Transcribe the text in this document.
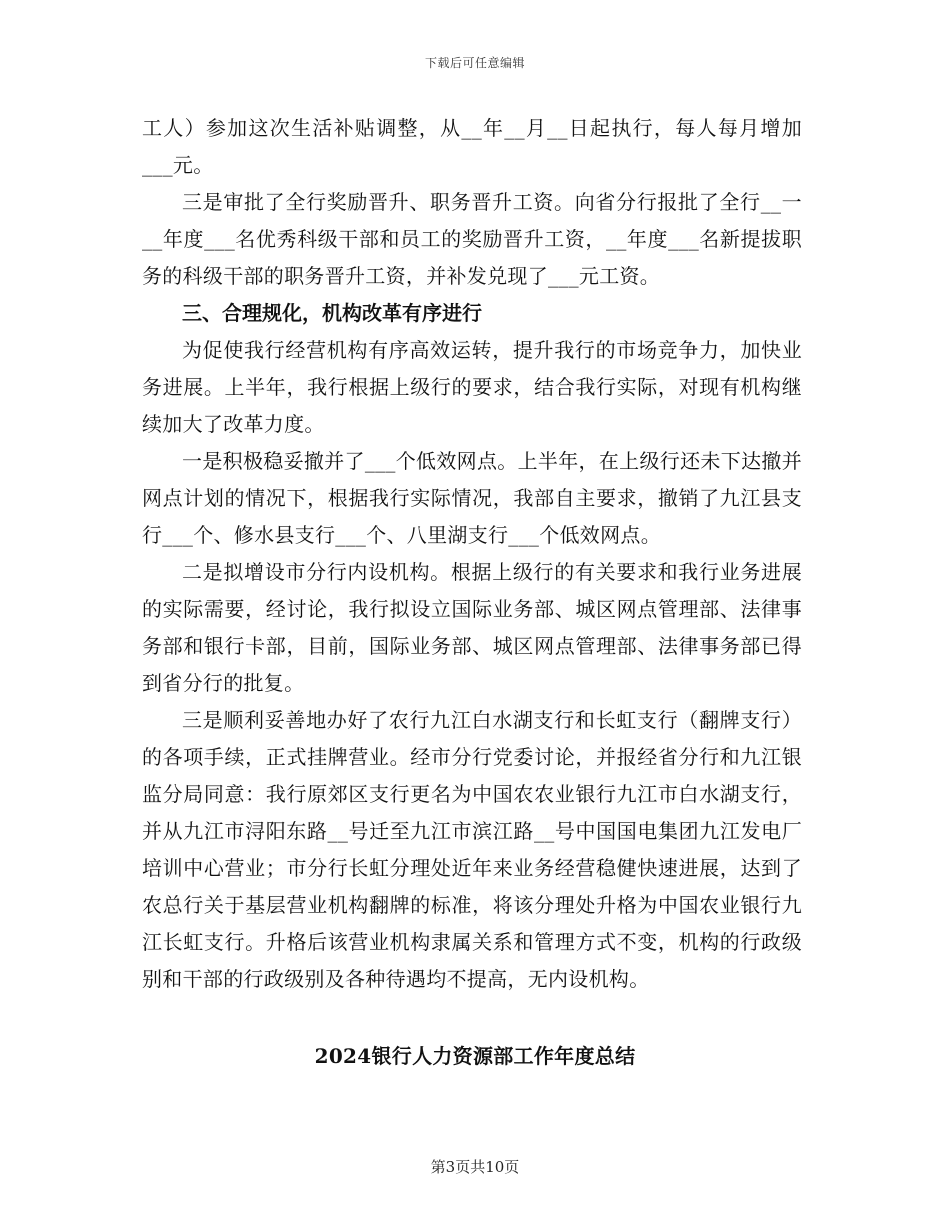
下载后可任意编辑

工人）参加这次生活补贴调整，从__年__月__日起执行，每人每月增加___元。

三是审批了全行奖励晋升、职务晋升工资。向省分行报批了全行__一__年度___名优秀科级干部和员工的奖励晋升工资，__年度___名新提拔职务的科级干部的职务晋升工资，并补发兑现了___元工资。

三、合理规化，机构改革有序进行

为促使我行经营机构有序高效运转，提升我行的市场竞争力，加快业务进展。上半年，我行根据上级行的要求，结合我行实际，对现有机构继续加大了改革力度。

一是积极稳妥撤并了___个低效网点。上半年，在上级行还未下达撤并网点计划的情况下，根据我行实际情况，我部自主要求，撤销了九江县支行___个、修水县支行___个、八里湖支行___个低效网点。

二是拟增设市分行内设机构。根据上级行的有关要求和我行业务进展的实际需要，经讨论，我行拟设立国际业务部、城区网点管理部、法律事务部和银行卡部，目前，国际业务部、城区网点管理部、法律事务部已得到省分行的批复。

三是顺利妥善地办好了农行九江白水湖支行和长虹支行（翻牌支行）的各项手续，正式挂牌营业。经市分行党委讨论，并报经省分行和九江银监分局同意：我行原郊区支行更名为中国农农业银行九江市白水湖支行，并从九江市浔阳东路__号迁至九江市滨江路__号中国国电集团九江发电厂培训中心营业；市分行长虹分理处近年来业务经营稳健快速进展，达到了农总行关于基层营业机构翻牌的标准，将该分理处升格为中国农业银行九江长虹支行。升格后该营业机构隶属关系和管理方式不变，机构的行政级别和干部的行政级别及各种待遇均不提高，无内设机构。

2024银行人力资源部工作年度总结
第3页共10页
